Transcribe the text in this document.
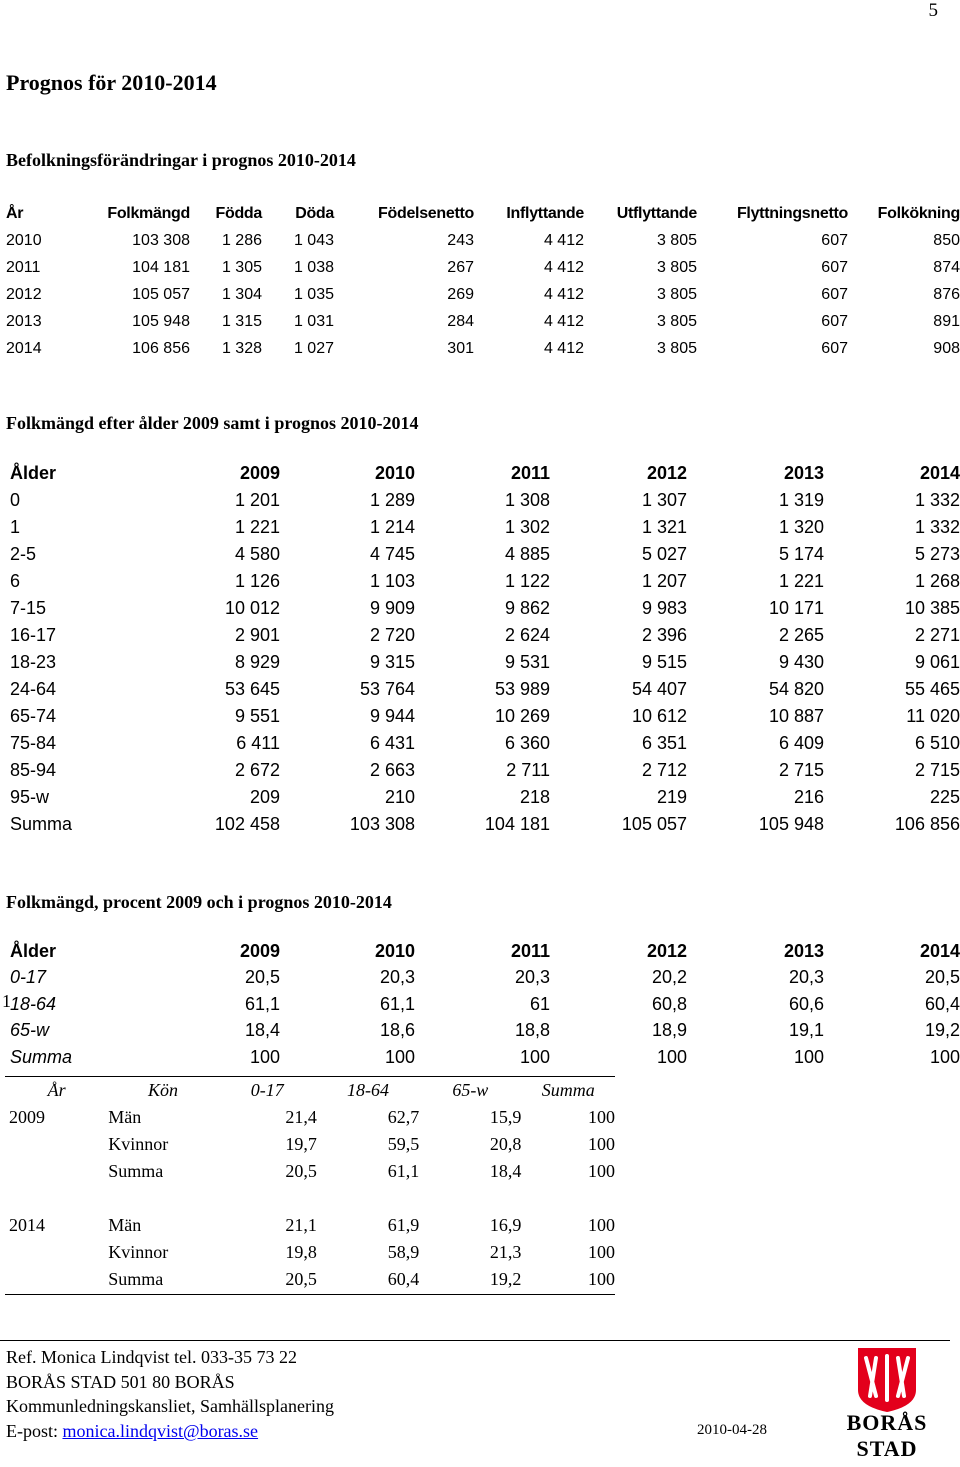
5
Prognos för 2010-2014
Befolkningsförändringar i prognos 2010-2014
År	Folkmängd	Födda	Döda	Födelsenetto	Inflyttande	Utflyttande	Flyttningsnetto	Folkökning
2010	103 308	1 286	1 043	243	4 412	3 805	607	850
2011	104 181	1 305	1 038	267	4 412	3 805	607	874
2012	105 057	1 304	1 035	269	4 412	3 805	607	876
2013	105 948	1 315	1 031	284	4 412	3 805	607	891
2014	106 856	1 328	1 027	301	4 412	3 805	607	908
Folkmängd efter ålder 2009 samt i prognos 2010-2014
Ålder	2009	2010	2011	2012	2013	2014
0	1 201	1 289	1 308	1 307	1 319	1 332
1	1 221	1 214	1 302	1 321	1 320	1 332
2-5	4 580	4 745	4 885	5 027	5 174	5 273
6	1 126	1 103	1 122	1 207	1 221	1 268
7-15	10 012	9 909	9 862	9 983	10 171	10 385
16-17	2 901	2 720	2 624	2 396	2 265	2 271
18-23	8 929	9 315	9 531	9 515	9 430	9 061
24-64	53 645	53 764	53 989	54 407	54 820	55 465
65-74	9 551	9 944	10 269	10 612	10 887	11 020
75-84	6 411	6 431	6 360	6 351	6 409	6 510
85-94	2 672	2 663	2 711	2 712	2 715	2 715
95-w	209	210	218	219	216	225
Summa	102 458	103 308	104 181	105 057	105 948	106 856
Folkmängd, procent 2009 och i prognos 2010-2014
1
Ålder	2009	2010	2011	2012	2013	2014
0-17	20,5	20,3	20,3	20,2	20,3	20,5
18-64	61,1	61,1	61	60,8	60,6	60,4
65-w	18,4	18,6	18,8	18,9	19,1	19,2
Summa	100	100	100	100	100	100
År	Kön	0-17	18-64	65-w	Summa
2009	Män	21,4	62,7	15,9	100
	Kvinnor	19,7	59,5	20,8	100
	Summa	20,5	61,1	18,4	100

2014	Män	21,1	61,9	16,9	100
	Kvinnor	19,8	58,9	21,3	100
	Summa	20,5	60,4	19,2	100
Ref. Monica Lindqvist tel. 033-35 73 22
BORÅS STAD 501 80 BORÅS
Kommunledningskansliet, Samhällsplanering
E-post: monica.lindqvist@boras.se	2010-04-28	BORÅS
STAD
